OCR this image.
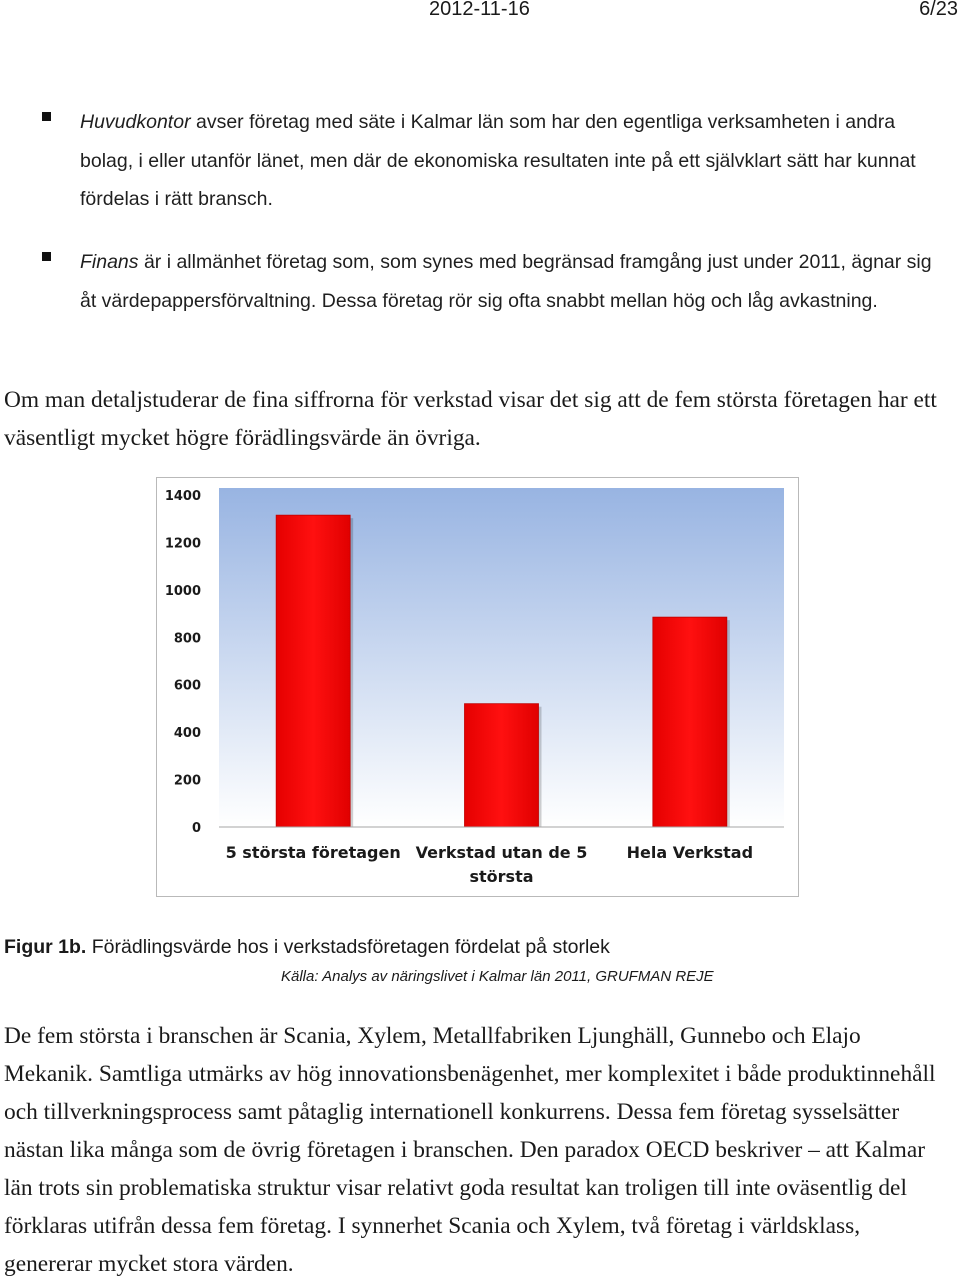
2012-11-16	6/23
Huvudkontor avser företag med säte i Kalmar län som har den egentliga verksamheten i andra bolag, i eller utanför länet, men där de ekonomiska resultaten inte på ett självklart sätt har kunnat fördelas i rätt bransch.
Finans är i allmänhet företag som, som synes med begränsad framgång just under 2011, ägnar sig åt värdepappersförvaltning. Dessa företag rör sig ofta snabbt mellan hög och låg avkastning.

Om man detaljstuderar de fina siffrorna för verkstad visar det sig att de fem största företagen har ett väsentligt mycket högre förädlingsvärde än övriga.

0
200
400
600
800
1000
1200
1400
5 största företagen Verkstad utan de 5
största
Hela Verkstad
Figur 1b. Förädlingsvärde hos i verkstadsföretagen fördelat på storlek
Källa: Analys av näringslivet i Kalmar län 2011, GRUFMAN REJE

De fem största i branschen är Scania, Xylem, Metallfabriken Ljunghäll, Gunnebo och Elajo Mekanik. Samtliga utmärks av hög innovationsbenägenhet, mer komplexitet i både produktinnehåll och tillverkningsprocess samt påtaglig internationell konkurrens. Dessa fem företag sysselsätter nästan lika många som de övrig företagen i branschen. Den paradox OECD beskriver – att Kalmar län trots sin problematiska struktur visar relativt goda resultat kan troligen till inte oväsentlig del förklaras utifrån dessa fem företag. I synnerhet Scania och Xylem, två företag i världsklass, genererar mycket stora värden.
